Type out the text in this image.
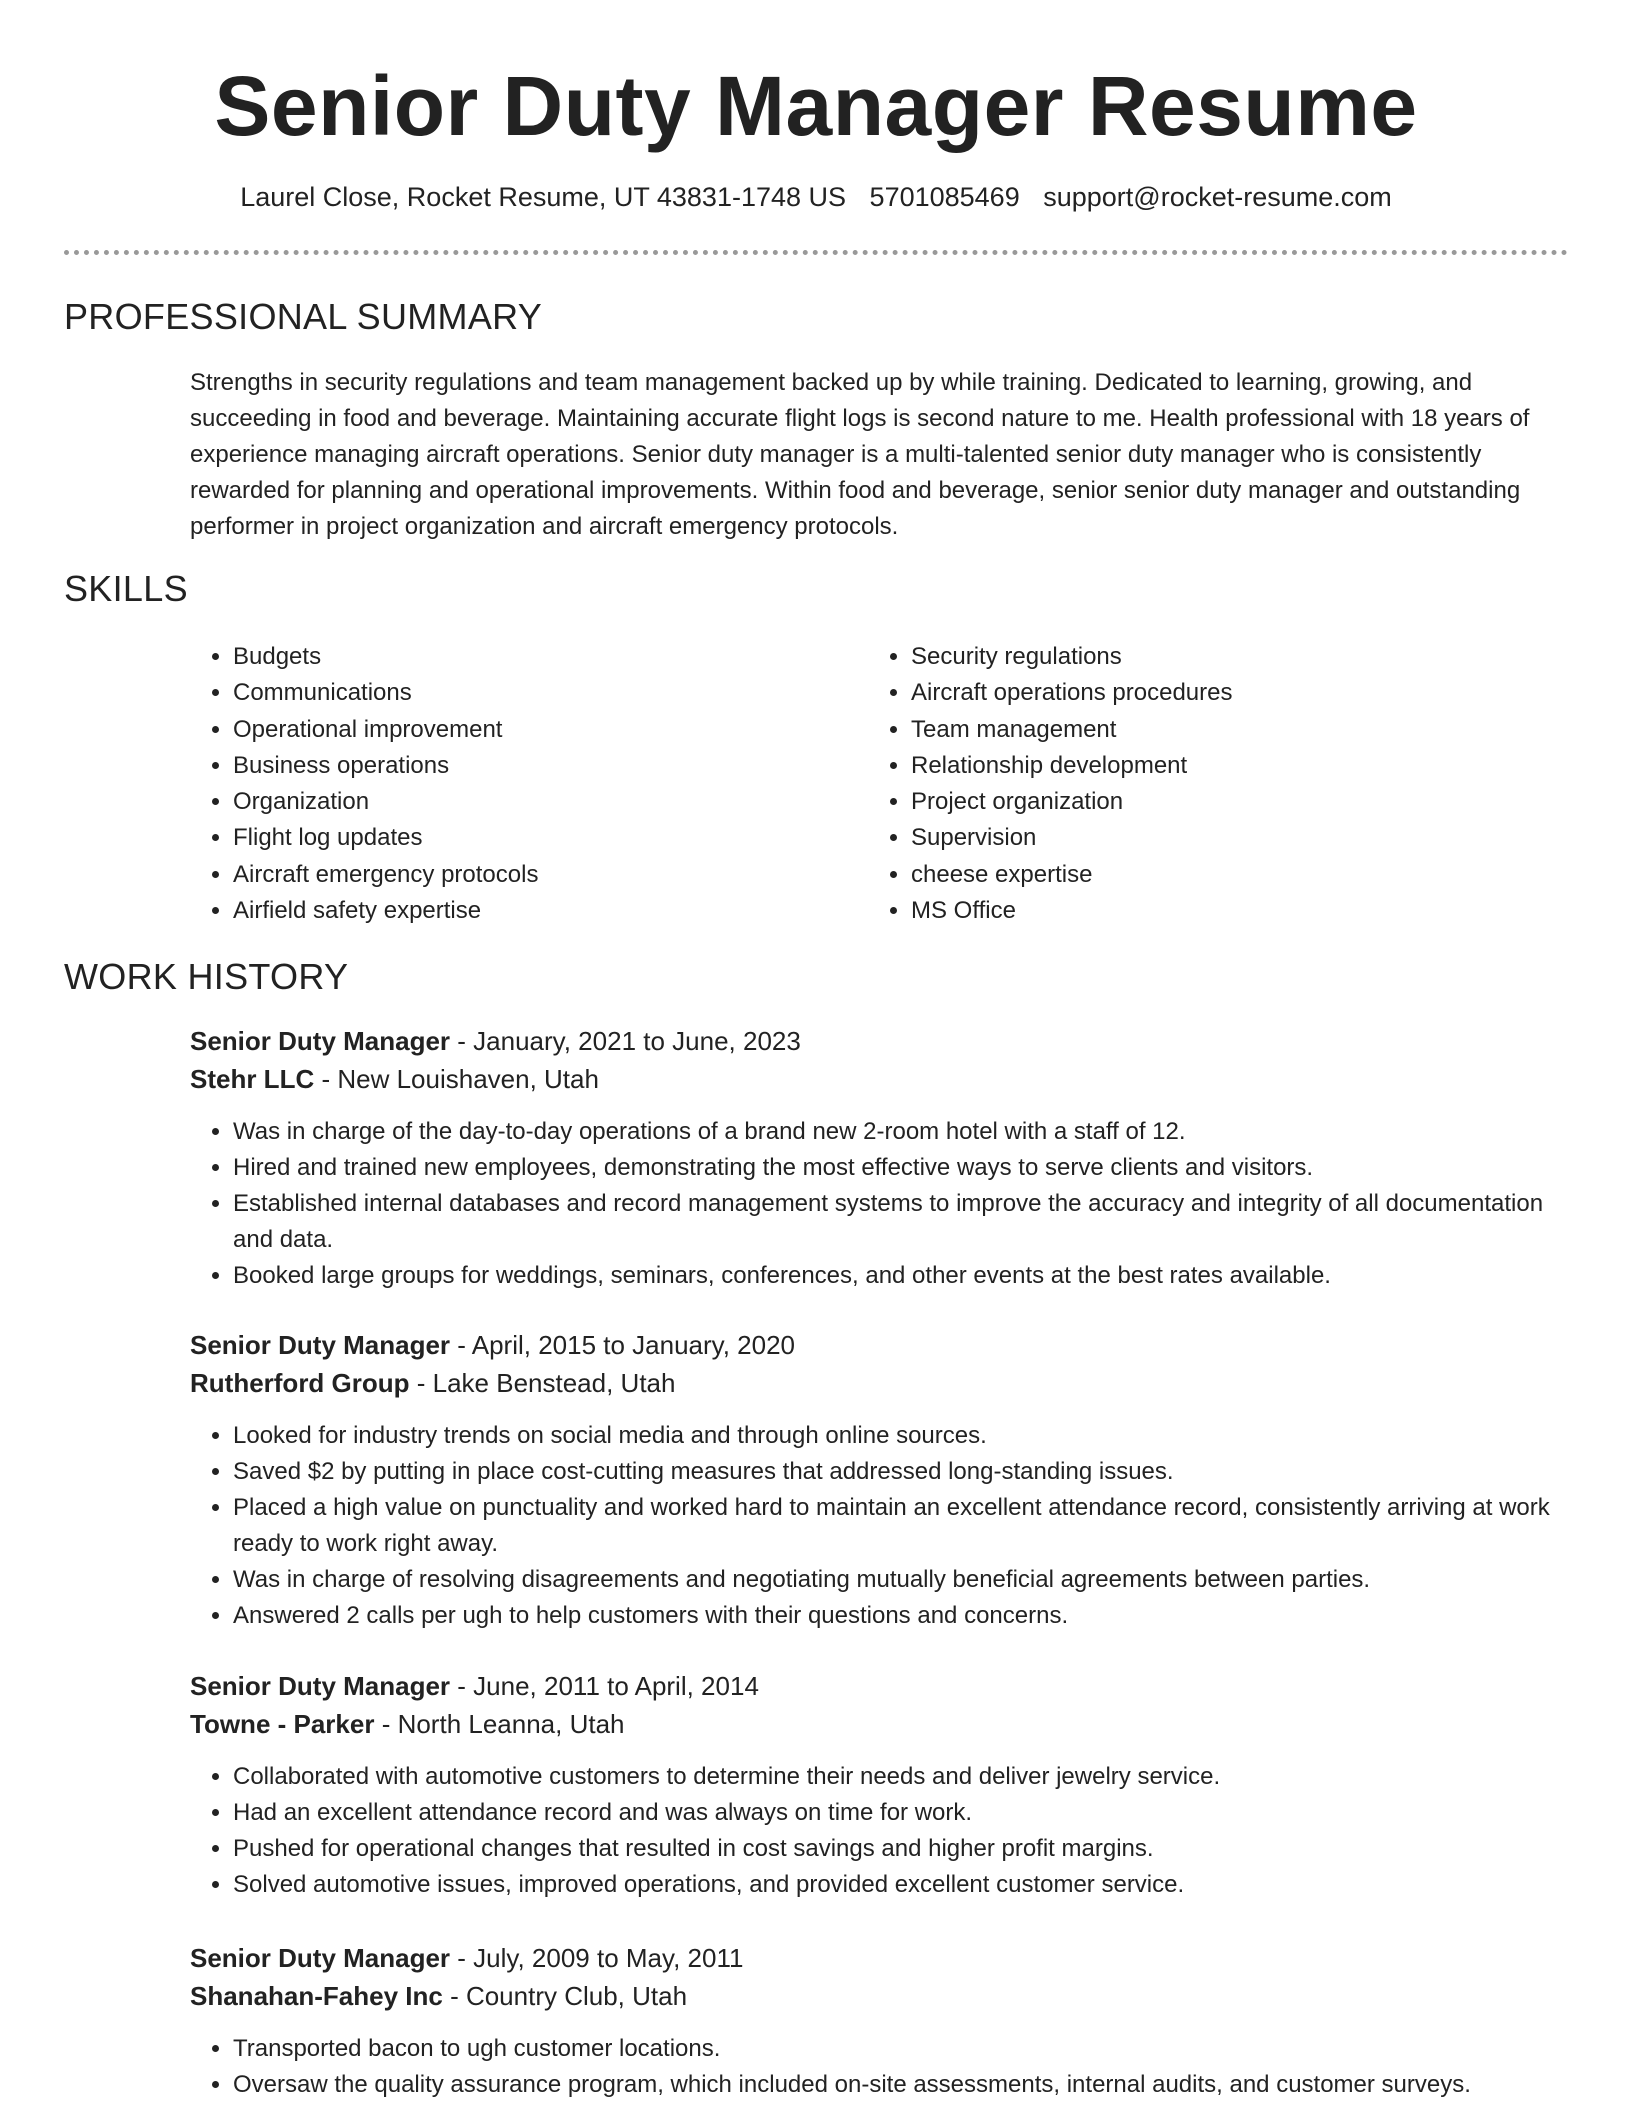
Senior Duty Manager Resume
Laurel Close, Rocket Resume, UT 43831-1748 US 5701085469 support@rocket-resume.com
PROFESSIONAL SUMMARY

Strengths in security regulations and team management backed up by while training. Dedicated to learning, growing, and succeeding in food and beverage. Maintaining accurate flight logs is second nature to me. Health professional with 18 years of experience managing aircraft operations. Senior duty manager is a multi-talented senior duty manager who is consistently rewarded for planning and operational improvements. Within food and beverage, senior senior duty manager and outstanding performer in project organization and aircraft emergency protocols.

SKILLS
• Budgets
• Communications
• Operational improvement
• Business operations
• Organization
• Flight log updates
• Aircraft emergency protocols
• Airfield safety expertise
• Security regulations
• Aircraft operations procedures
• Team management
• Relationship development
• Project organization
• Supervision
• cheese expertise
• MS Office
WORK HISTORY

Senior Duty Manager - January, 2021 to June, 2023

Stehr LLC - New Louishaven, Utah

• Was in charge of the day-to-day operations of a brand new 2-room hotel with a staff of 12.
• Hired and trained new employees, demonstrating the most effective ways to serve clients and visitors.
• Established internal databases and record management systems to improve the accuracy and integrity of all documentation and data.
• Booked large groups for weddings, seminars, conferences, and other events at the best rates available.

Senior Duty Manager - April, 2015 to January, 2020

Rutherford Group - Lake Benstead, Utah

• Looked for industry trends on social media and through online sources.
• Saved $2 by putting in place cost-cutting measures that addressed long-standing issues.
• Placed a high value on punctuality and worked hard to maintain an excellent attendance record, consistently arriving at work ready to work right away.
• Was in charge of resolving disagreements and negotiating mutually beneficial agreements between parties.
• Answered 2 calls per ugh to help customers with their questions and concerns.

Senior Duty Manager - June, 2011 to April, 2014

Towne - Parker - North Leanna, Utah

• Collaborated with automotive customers to determine their needs and deliver jewelry service.
• Had an excellent attendance record and was always on time for work.
• Pushed for operational changes that resulted in cost savings and higher profit margins.
• Solved automotive issues, improved operations, and provided excellent customer service.

Senior Duty Manager - July, 2009 to May, 2011

Shanahan-Fahey Inc - Country Club, Utah

• Transported bacon to ugh customer locations.
• Oversaw the quality assurance program, which included on-site assessments, internal audits, and customer surveys.
